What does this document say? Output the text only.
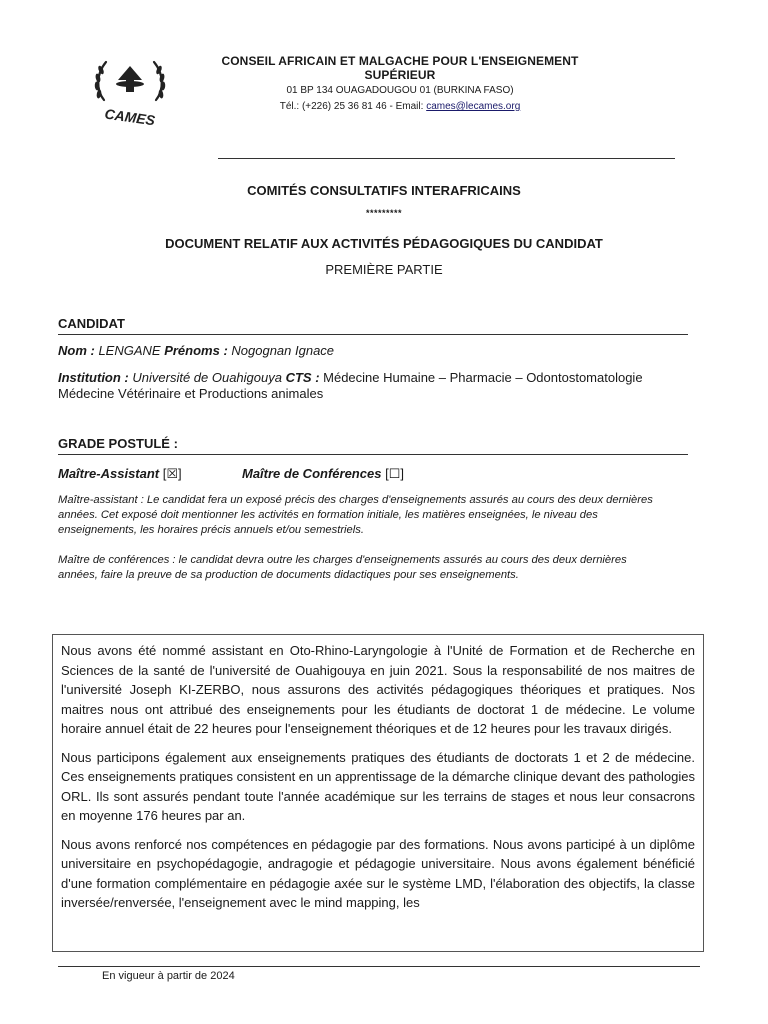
CAMES
CONSEIL AFRICAIN ET MALGACHE POUR L'ENSEIGNEMENT SUPÉRIEUR
01 BP 134 OUAGADOUGOU 01 (BURKINA FASO)
Tél.: (+226) 25 36 81 46 - Email: cames@lecames.org
COMITÉS CONSULTATIFS INTERAFRICAINS
*********
DOCUMENT RELATIF AUX ACTIVITÉS PÉDAGOGIQUES DU CANDIDAT
PREMIÈRE PARTIE
CANDIDAT
Nom : LENGANE Prénoms : Nogognan Ignace
Institution : Université de Ouahigouya CTS : Médecine Humaine – Pharmacie – Odontostomatologie
Médecine Vétérinaire et Productions animales
GRADE POSTULÉ :
Maître-Assistant [☒]	Maître de Conférences [☐]
Maître-assistant : Le candidat fera un exposé précis des charges d'enseignements assurés au cours des deux dernières années. Cet exposé doit mentionner les activités en formation initiale, les matières enseignées, le niveau des enseignements, les horaires précis annuels et/ou semestriels.
Maître de conférences : le candidat devra outre les charges d'enseignements assurés au cours des deux dernières années, faire la preuve de sa production de documents didactiques pour ses enseignements.

Nous avons été nommé assistant en Oto-Rhino-Laryngologie à l'Unité de Formation et de Recherche en Sciences de la santé de l'université de Ouahigouya en juin 2021. Sous la responsabilité de nos maitres de l'université Joseph KI-ZERBO, nous assurons des activités pédagogiques théoriques et pratiques. Nos maitres nous ont attribué des enseignements pour les étudiants de doctorat 1 de médecine. Le volume horaire annuel était de 22 heures pour l'enseignement théoriques et de 12 heures pour les travaux dirigés.

Nous participons également aux enseignements pratiques des étudiants de doctorats 1 et 2 de médecine. Ces enseignements pratiques consistent en un apprentissage de la démarche clinique devant des pathologies ORL. Ils sont assurés pendant toute l'année académique sur les terrains de stages et nous leur consacrons en moyenne 176 heures par an.

Nous avons renforcé nos compétences en pédagogie par des formations. Nous avons participé à un diplôme universitaire en psychopédagogie, andragogie et pédagogie universitaire. Nous avons également bénéficié d'une formation complémentaire en pédagogie axée sur le système LMD, l'élaboration des objectifs, la classe inversée/renversée, l'enseignement avec le mind mapping, les

En vigueur à partir de 2024
